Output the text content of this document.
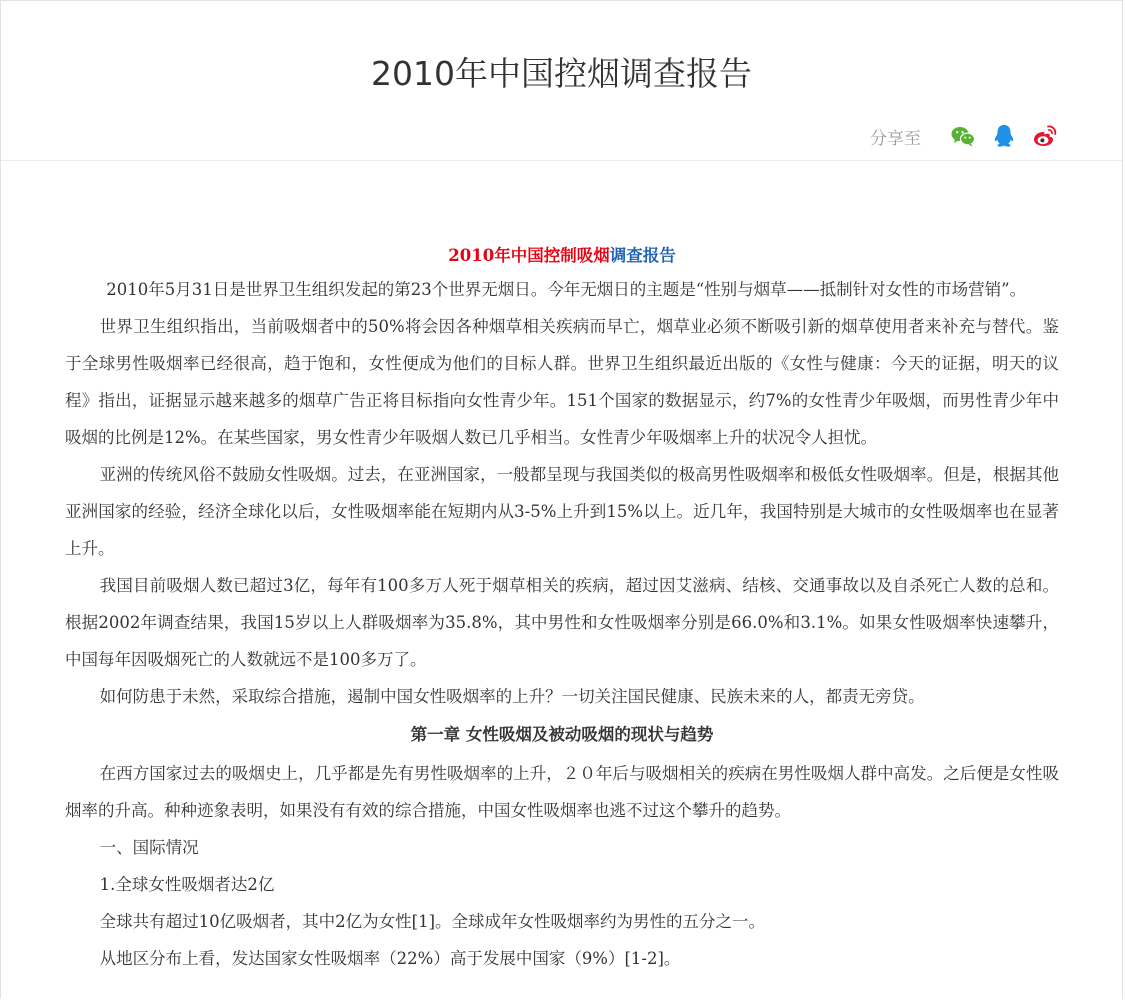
2010年中国控烟调查报告
分享至
2010年中国控制吸烟调查报告

2010年5月31日是世界卫生组织发起的第23个世界无烟日。今年无烟日的主题是“性别与烟草——抵制针对女性的市场营销”。

世界卫生组织指出，当前吸烟者中的50%将会因各种烟草相关疾病而早亡，烟草业必须不断吸引新的烟草使用者来补充与替代。鉴于全球男性吸烟率已经很高，趋于饱和，女性便成为他们的目标人群。世界卫生组织最近出版的《女性与健康：今天的证据，明天的议程》指出，证据显示越来越多的烟草广告正将目标指向女性青少年。151个国家的数据显示，约7%的女性青少年吸烟，而男性青少年中吸烟的比例是12%。在某些国家，男女性青少年吸烟人数已几乎相当。女性青少年吸烟率上升的状况令人担忧。

亚洲的传统风俗不鼓励女性吸烟。过去，在亚洲国家，一般都呈现与我国类似的极高男性吸烟率和极低女性吸烟率。但是，根据其他亚洲国家的经验，经济全球化以后，女性吸烟率能在短期内从3-5%上升到15%以上。近几年，我国特别是大城市的女性吸烟率也在显著上升。

我国目前吸烟人数已超过3亿，每年有100多万人死于烟草相关的疾病，超过因艾滋病、结核、交通事故以及自杀死亡人数的总和。根据2002年调查结果，我国15岁以上人群吸烟率为35.8%，其中男性和女性吸烟率分别是66.0%和3.1%。如果女性吸烟率快速攀升，中国每年因吸烟死亡的人数就远不是100多万了。

如何防患于未然，采取综合措施，遏制中国女性吸烟率的上升？一切关注国民健康、民族未来的人，都责无旁贷。

第一章 女性吸烟及被动吸烟的现状与趋势

在西方国家过去的吸烟史上，几乎都是先有男性吸烟率的上升，２０年后与吸烟相关的疾病在男性吸烟人群中高发。之后便是女性吸烟率的升高。种种迹象表明，如果没有有效的综合措施，中国女性吸烟率也逃不过这个攀升的趋势。

一、国际情况

1.全球女性吸烟者达2亿

全球共有超过10亿吸烟者，其中2亿为女性[1]。全球成年女性吸烟率约为男性的五分之一。

从地区分布上看，发达国家女性吸烟率（22%）高于发展中国家（9%）[1-2]。
